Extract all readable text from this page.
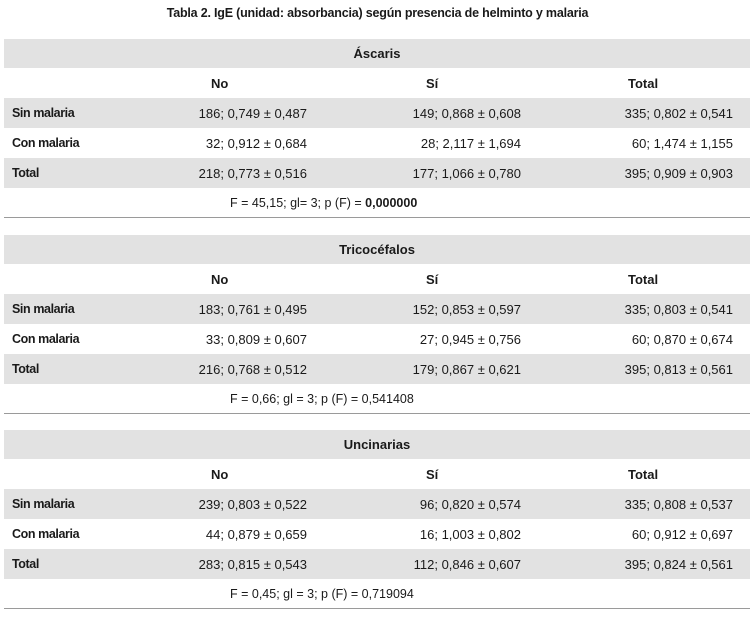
Tabla 2. IgE (unidad: absorbancia) según presencia de helminto y malaria
Áscaris
No	Sí	Total
Sin malaria	186; 0,749 ± 0,487	149; 0,868 ± 0,608	335; 0,802 ± 0,541
Con malaria	32; 0,912 ± 0,684	28; 2,117 ± 1,694	60; 1,474 ± 1,155
Total	218; 0,773 ± 0,516	177; 1,066 ± 0,780	395; 0,909 ± 0,903
F = 45,15; gl= 3; p (F) = 0,000000
Tricocéfalos
No	Sí	Total
Sin malaria	183; 0,761 ± 0,495	152; 0,853 ± 0,597	335; 0,803 ± 0,541
Con malaria	33; 0,809 ± 0,607	27; 0,945 ± 0,756	60; 0,870 ± 0,674
Total	216; 0,768 ± 0,512	179; 0,867 ± 0,621	395; 0,813 ± 0,561
F = 0,66; gl = 3; p (F) = 0,541408
Uncinarias
No	Sí	Total
Sin malaria	239; 0,803 ± 0,522	96; 0,820 ± 0,574	335; 0,808 ± 0,537
Con malaria	44; 0,879 ± 0,659	16; 1,003 ± 0,802	60; 0,912 ± 0,697
Total	283; 0,815 ± 0,543	112; 0,846 ± 0,607	395; 0,824 ± 0,561
F = 0,45; gl = 3; p (F) = 0,719094
